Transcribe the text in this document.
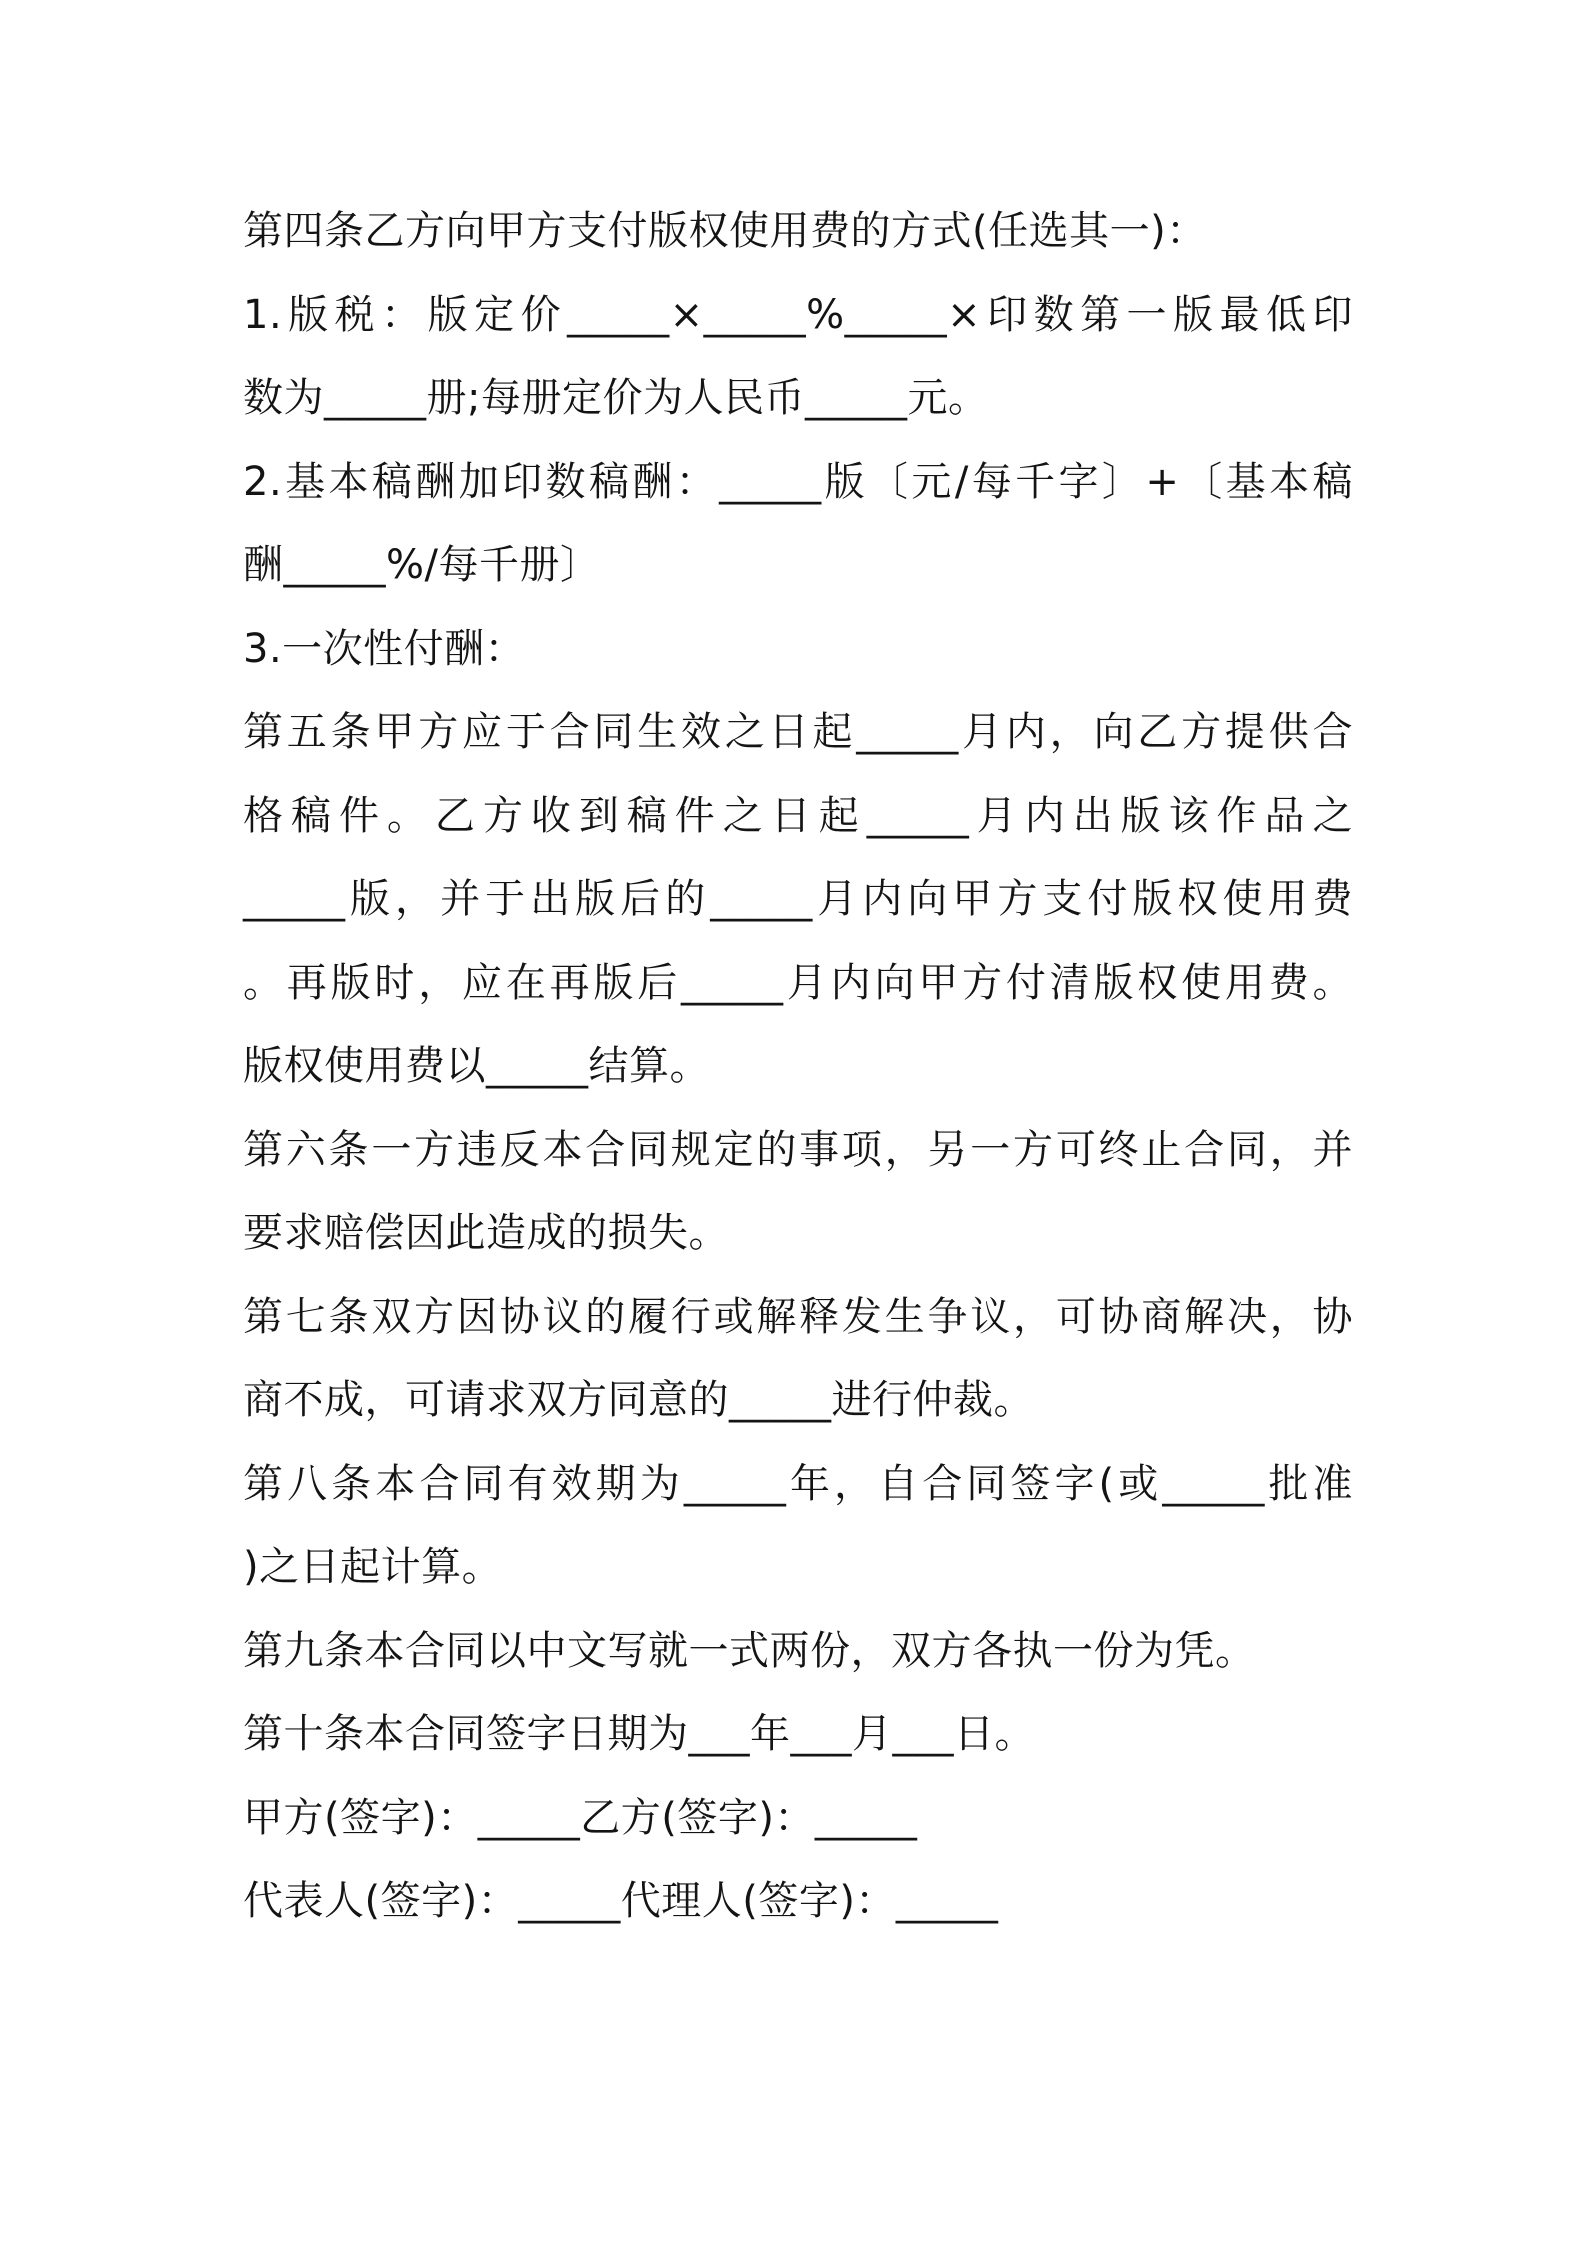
第四条乙方向甲方支付版权使用费的方式(任选其一)：
1.版税：版定价_____×_____%_____×印数第一版最低印
数为_____册;每册定价为人民币_____元。
2.基本稿酬加印数稿酬：_____版〔元/每千字〕+〔基本稿
酬_____%/每千册〕
3.一次性付酬：
第五条甲方应于合同生效之日起_____月内，向乙方提供合
格稿件。乙方收到稿件之日起_____月内出版该作品之
_____版，并于出版后的_____月内向甲方支付版权使用费
。再版时，应在再版后_____月内向甲方付清版权使用费。
版权使用费以_____结算。
第六条一方违反本合同规定的事项，另一方可终止合同，并
要求赔偿因此造成的损失。
第七条双方因协议的履行或解释发生争议，可协商解决，协
商不成，可请求双方同意的_____进行仲裁。
第八条本合同有效期为_____年，自合同签字(或_____批准
)之日起计算。
第九条本合同以中文写就一式两份，双方各执一份为凭。
第十条本合同签字日期为___年___月___日。
甲方(签字)：_____乙方(签字)：_____
代表人(签字)：_____代理人(签字)：_____
